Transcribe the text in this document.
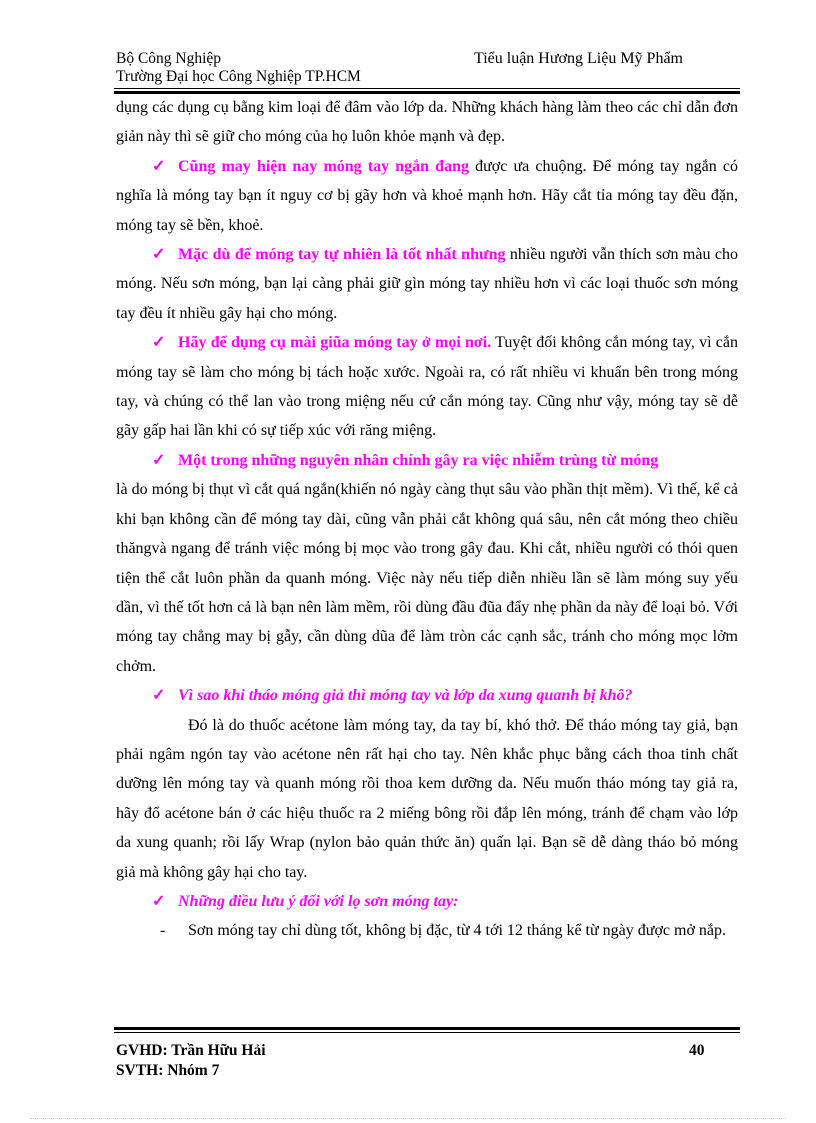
Bộ Công Nghiệp
Trường Đại học Công Nghiệp TP.HCM
Tiểu luận Hương Liệu Mỹ Phẩm

dụng các dụng cụ bằng kim loại để đâm vào lớp da. Những khách hàng làm theo các chỉ dẫn đơn giản này thì sẽ giữ cho móng của họ luôn khỏe mạnh và đẹp.

✓ Cũng may hiện nay móng tay ngắn đang được ưa chuộng. Để móng tay ngắn có nghĩa là móng tay bạn ít nguy cơ bị gãy hơn và khoẻ mạnh hơn. Hãy cắt tỉa móng tay đều đặn, móng tay sẽ bền, khoẻ.

✓ Mặc dù để móng tay tự nhiên là tốt nhất nhưng nhiều người vẫn thích sơn màu cho móng. Nếu sơn móng, bạn lại càng phải giữ gìn móng tay nhiều hơn vì các loại thuốc sơn móng tay đều ít nhiều gây hại cho móng.

✓ Hãy để dụng cụ mài giũa móng tay ở mọi nơi. Tuyệt đối không cắn móng tay, vì cắn móng tay sẽ làm cho móng bị tách hoặc xước. Ngoài ra, có rất nhiều vi khuẩn bên trong móng tay, và chúng có thể lan vào trong miệng nếu cứ cắn móng tay. Cũng như vậy, móng tay sẽ dễ gãy gấp hai lần khi có sự tiếp xúc với răng miệng.

✓ Một trong những nguyên nhân chính gây ra việc nhiễm trùng từ móng

là do móng bị thụt vì cắt quá ngắn(khiến nó ngày càng thụt sâu vào phần thịt mềm). Vì thế, kể cả khi bạn không cần để móng tay dài, cũng vẫn phải cắt không quá sâu, nên cắt móng theo chiều thăngvà ngang để tránh việc móng bị mọc vào trong gây đau. Khi cắt, nhiều người có thói quen tiện thể cắt luôn phần da quanh móng. Việc này nếu tiếp diễn nhiều lần sẽ làm móng suy yếu dần, vì thế tốt hơn cả là bạn nên làm mềm, rồi dùng đầu đũa đẩy nhẹ phần da này để loại bỏ. Với móng tay chẳng may bị gẫy, cần dùng dũa để làm tròn các cạnh sắc, tránh cho móng mọc lởm chởm.

✓ Vì sao khi tháo móng giả thì móng tay và lớp da xung quanh bị khô?

Đó là do thuốc acétone làm móng tay, da tay bí, khó thở. Để tháo móng tay giả, bạn phải ngâm ngón tay vào acétone nên rất hại cho tay. Nên khắc phục bằng cách thoa tinh chất dưỡng lên móng tay và quanh móng rồi thoa kem dưỡng da. Nếu muốn tháo móng tay giả ra, hãy đổ acétone bán ở các hiệu thuốc ra 2 miếng bông rồi đắp lên móng, tránh để chạm vào lớp da xung quanh; rồi lấy Wrap (nylon bảo quản thức ăn) quấn lại. Bạn sẽ dễ dàng tháo bỏ móng giả mà không gây hại cho tay.

✓ Những điều lưu ý đối với lọ sơn móng tay:

- Sơn móng tay chỉ dùng tốt, không bị đặc, từ 4 tới 12 tháng kể từ ngày được mở nắp.

GVHD: Trần Hữu Hải
SVTH: Nhóm 7
40
